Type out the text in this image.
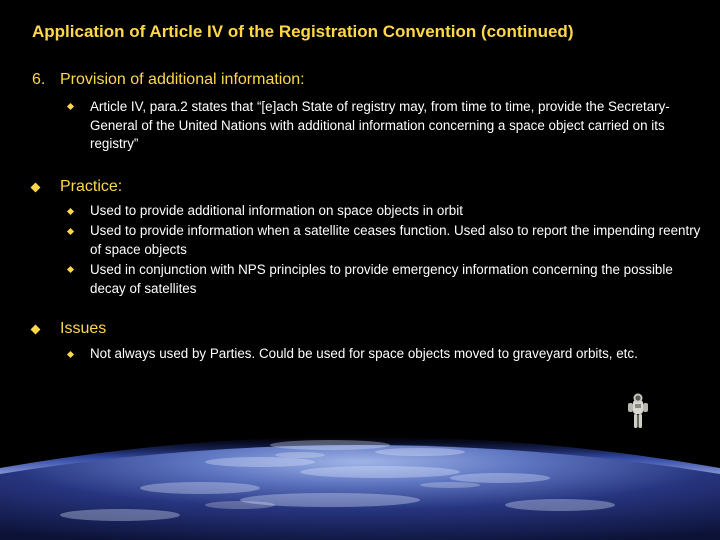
Application of Article IV of the Registration Convention (continued)
6. Provision of additional information:
Article IV, para.2 states that “[e]ach State of registry may, from time to time, provide the Secretary-General of the United Nations with additional information concerning a space object carried on its registry”
Practice:
Used to provide additional information on space objects in orbit
Used to provide information when a satellite ceases function. Used also to report the impending reentry of space objects
Used in conjunction with NPS principles to provide emergency information concerning the possible decay of satellites
Issues
Not always used by Parties. Could be used for space objects moved to graveyard orbits, etc.
